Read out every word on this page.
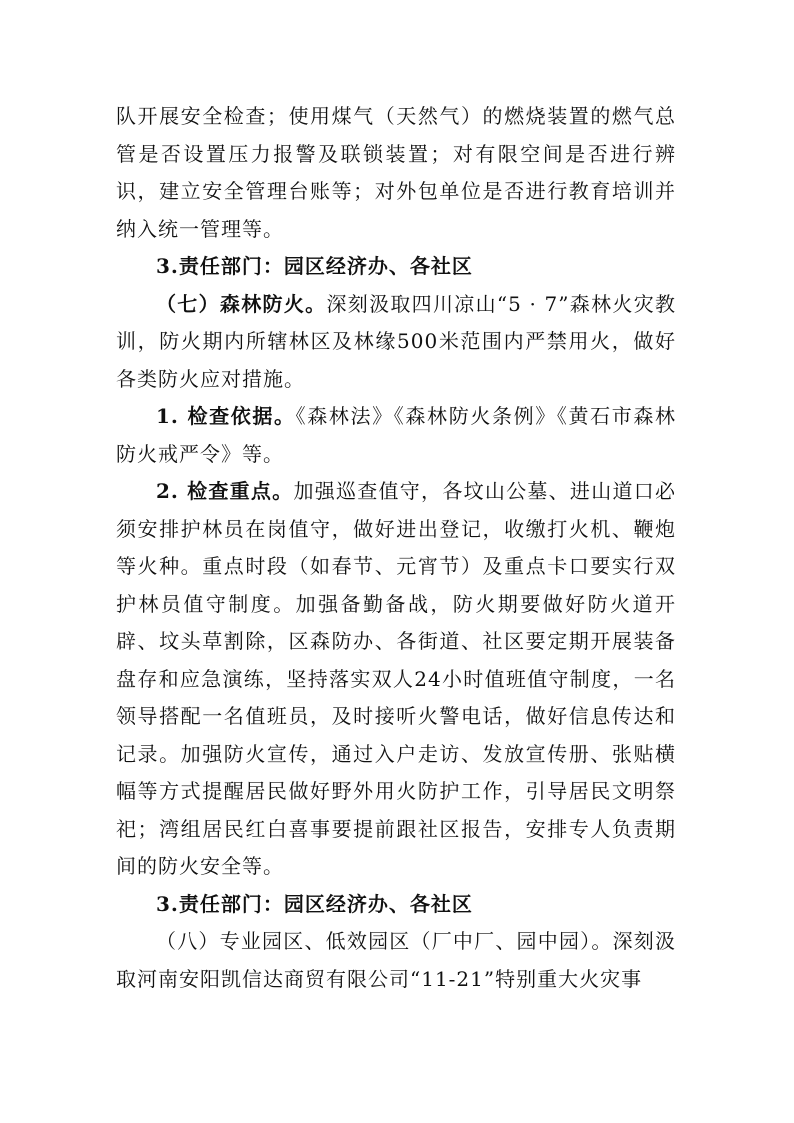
队开展安全检查；使用煤气（天然气）的燃烧装置的燃气总管是否设置压力报警及联锁装置；对有限空间是否进行辨识，建立安全管理台账等；对外包单位是否进行教育培训并纳入统一管理等。

3.责任部门：园区经济办、各社区

（七）森林防火。深刻汲取四川凉山“5 · 7”森林火灾教训，防火期内所辖林区及林缘500米范围内严禁用火，做好各类防火应对措施。

1. 检查依据。《森林法》《森林防火条例》《黄石市森林防火戒严令》等。

2. 检查重点。加强巡查值守，各坟山公墓、进山道口必须安排护林员在岗值守，做好进出登记，收缴打火机、鞭炮等火种。重点时段（如春节、元宵节）及重点卡口要实行双护林员值守制度。加强备勤备战，防火期要做好防火道开辟、坟头草割除，区森防办、各街道、社区要定期开展装备盘存和应急演练，坚持落实双人24小时值班值守制度，一名领导搭配一名值班员，及时接听火警电话，做好信息传达和记录。加强防火宣传，通过入户走访、发放宣传册、张贴横幅等方式提醒居民做好野外用火防护工作，引导居民文明祭祀；湾组居民红白喜事要提前跟社区报告，安排专人负责期间的防火安全等。

3.责任部门：园区经济办、各社区

（八）专业园区、低效园区（厂中厂、园中园）。深刻汲取河南安阳凯信达商贸有限公司“11-21”特别重大火灾事
